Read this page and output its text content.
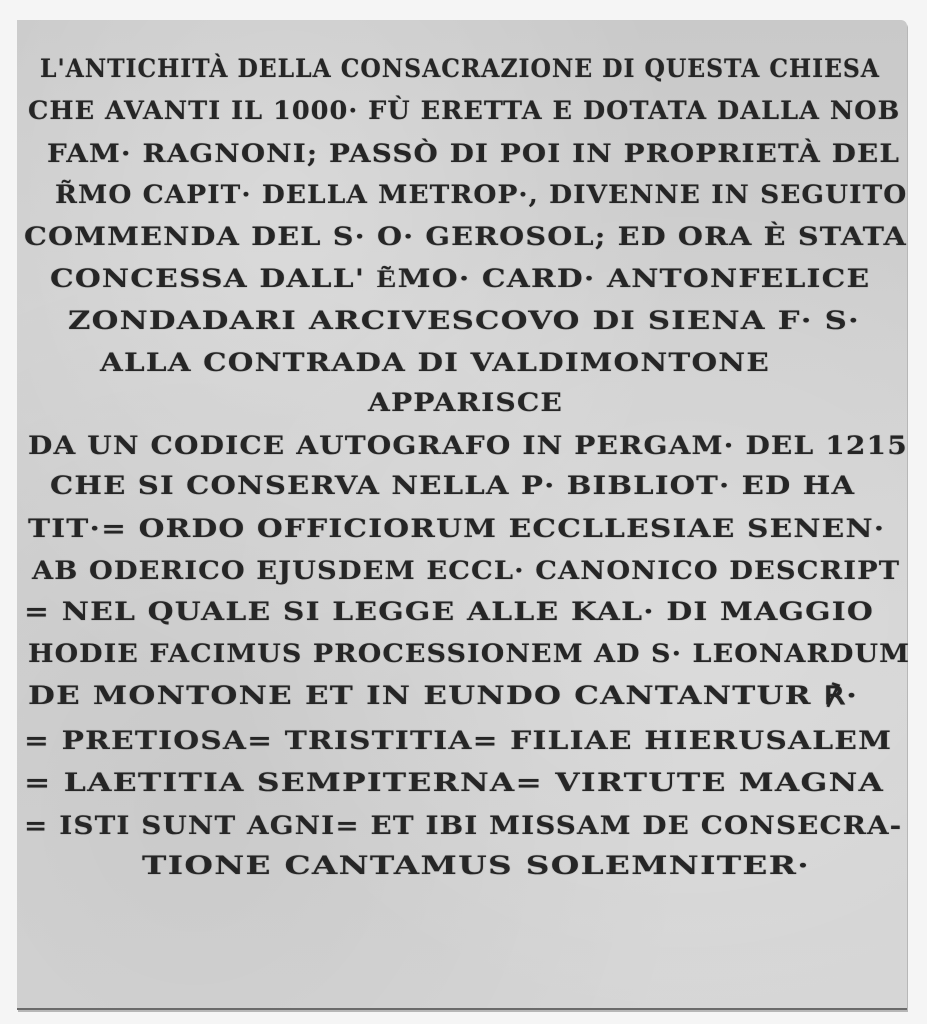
L'ANTICHITÀ DELLA CONSACRAZIONE DI QUESTA CHIESA
CHE AVANTI IL 1000· FÙ ERETTA E DOTATA DALLA NOB
FAM· RAGNONI; PASSÒ DI POI IN PROPRIETÀ DEL
R̃MO CAPIT· DELLA METROP·, DIVENNE IN SEGUITO
COMMENDA DEL S· O· GEROSOL; ED ORA È STATA
CONCESSA DALL' E͂MO· CARD· ANTONFELICE
ZONDADARI ARCIVESCOVO DI SIENA F· S·
ALLA CONTRADA DI VALDIMONTONE
APPARISCE
DA UN CODICE AUTOGRAFO IN PERGAM· DEL 1215
CHE SI CONSERVA NELLA P· BIBLIOT· ED HA
TIT·= ORDO OFFICIORUM ECCLLESIAE SENEN·
AB ODERICO EJUSDEM ECCL· CANONICO DESCRIPT
= NEL QUALE SI LEGGE ALLE KAL· DI MAGGIO
HODIE FACIMUS PROCESSIONEM AD S· LEONARDUM
DE MONTONE ET IN EUNDO CANTANTUR ℟·
= PRETIOSA= TRISTITIA= FILIAE HIERUSALEM
= LAETITIA SEMPITERNA= VIRTUTE MAGNA
= ISTI SUNT AGNI= ET IBI MISSAM DE CONSECRA-
TIONE CANTAMUS SOLEMNITER·
